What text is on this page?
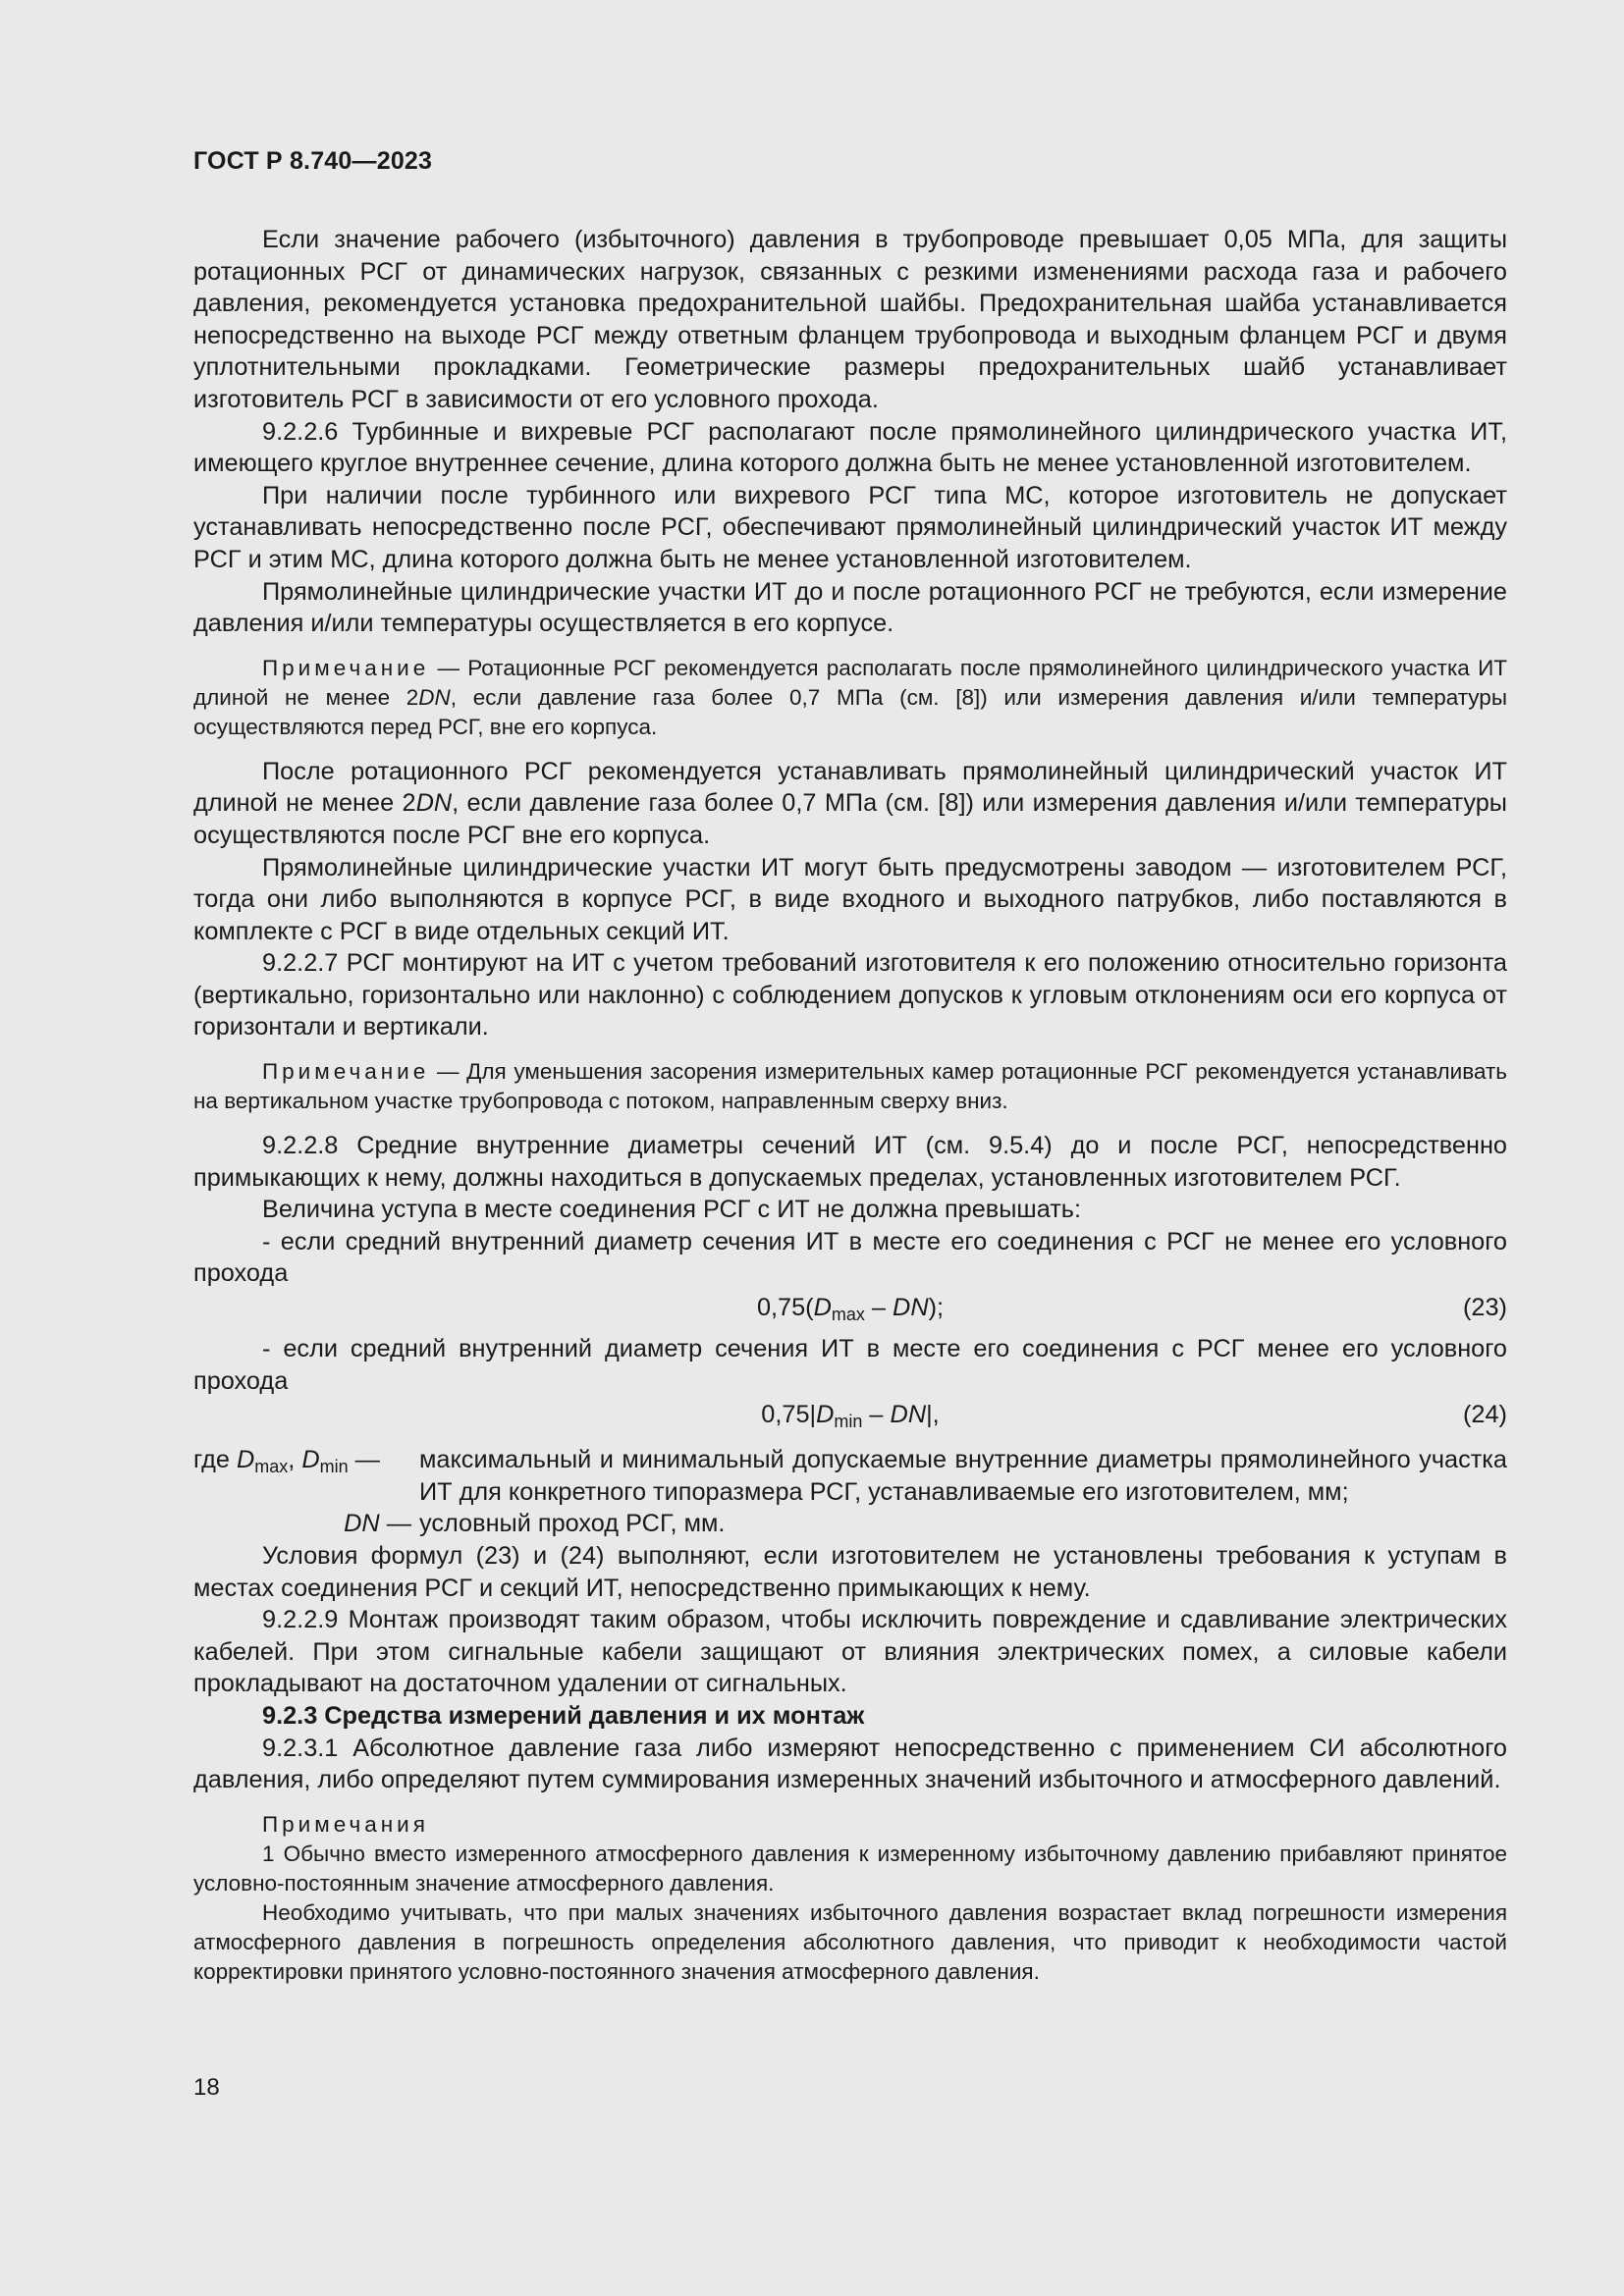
ГОСТ Р 8.740—2023

Если значение рабочего (избыточного) давления в трубопроводе превышает 0,05 МПа, для защиты ротационных РСГ от динамических нагрузок, связанных с резкими изменениями расхода газа и рабочего давления, рекомендуется установка предохранительной шайбы. Предохранительная шайба устанавливается непосредственно на выходе РСГ между ответным фланцем трубопровода и выходным фланцем РСГ и двумя уплотнительными прокладками. Геометрические размеры предохранительных шайб устанавливает изготовитель РСГ в зависимости от его условного прохода.

9.2.2.6 Турбинные и вихревые РСГ располагают после прямолинейного цилиндрического участка ИТ, имеющего круглое внутреннее сечение, длина которого должна быть не менее установленной изготовителем.

При наличии после турбинного или вихревого РСГ типа МС, которое изготовитель не допускает устанавливать непосредственно после РСГ, обеспечивают прямолинейный цилиндрический участок ИТ между РСГ и этим МС, длина которого должна быть не менее установленной изготовителем.

Прямолинейные цилиндрические участки ИТ до и после ротационного РСГ не требуются, если измерение давления и/или температуры осуществляется в его корпусе.

Примечание — Ротационные РСГ рекомендуется располагать после прямолинейного цилиндрического участка ИТ длиной не менее 2DN, если давление газа более 0,7 МПа (см. [8]) или измерения давления и/или температуры осуществляются перед РСГ, вне его корпуса.

После ротационного РСГ рекомендуется устанавливать прямолинейный цилиндрический участок ИТ длиной не менее 2DN, если давление газа более 0,7 МПа (см. [8]) или измерения давления и/или температуры осуществляются после РСГ вне его корпуса.

Прямолинейные цилиндрические участки ИТ могут быть предусмотрены заводом — изготовителем РСГ, тогда они либо выполняются в корпусе РСГ, в виде входного и выходного патрубков, либо поставляются в комплекте с РСГ в виде отдельных секций ИТ.

9.2.2.7 РСГ монтируют на ИТ с учетом требований изготовителя к его положению относительно горизонта (вертикально, горизонтально или наклонно) с соблюдением допусков к угловым отклонениям оси его корпуса от горизонтали и вертикали.

Примечание — Для уменьшения засорения измерительных камер ротационные РСГ рекомендуется устанавливать на вертикальном участке трубопровода с потоком, направленным сверху вниз.

9.2.2.8 Средние внутренние диаметры сечений ИТ (см. 9.5.4) до и после РСГ, непосредственно примыкающих к нему, должны находиться в допускаемых пределах, установленных изготовителем РСГ.

Величина уступа в месте соединения РСГ с ИТ не должна превышать:

- если средний внутренний диаметр сечения ИТ в месте его соединения с РСГ не менее его условного прохода

$0,75(D_{max} - DN)$;	(23)

- если средний внутренний диаметр сечения ИТ в месте его соединения с РСГ менее его условного прохода

$0,75|D_{min} - DN|$,	(24)
где $D_{max}$, $D_{min}$ —	максимальный и минимальный допускаемые внутренние диаметры прямолинейного участка ИТ для конкретного типоразмера РСГ, устанавливаемые его изготовителем, мм;
DN — условный проход РСГ, мм.

Условия формул (23) и (24) выполняют, если изготовителем не установлены требования к уступам в местах соединения РСГ и секций ИТ, непосредственно примыкающих к нему.

9.2.2.9 Монтаж производят таким образом, чтобы исключить повреждение и сдавливание электрических кабелей. При этом сигнальные кабели защищают от влияния электрических помех, а силовые кабели прокладывают на достаточном удалении от сигнальных.

9.2.3 Средства измерений давления и их монтаж

9.2.3.1 Абсолютное давление газа либо измеряют непосредственно с применением СИ абсолютного давления, либо определяют путем суммирования измеренных значений избыточного и атмосферного давлений.

Примечания

1 Обычно вместо измеренного атмосферного давления к измеренному избыточному давлению прибавляют принятое условно-постоянным значение атмосферного давления.

Необходимо учитывать, что при малых значениях избыточного давления возрастает вклад погрешности измерения атмосферного давления в погрешность определения абсолютного давления, что приводит к необходимости частой корректировки принятого условно-постоянного значения атмосферного давления.

18
